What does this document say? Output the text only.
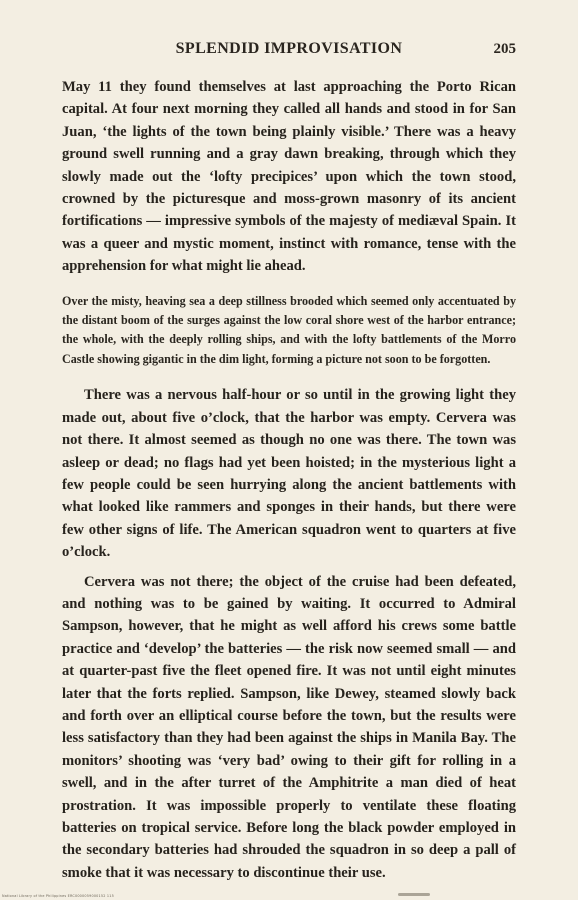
SPLENDID IMPROVISATION	205

May 11 they found themselves at last approaching the Porto Rican capital. At four next morning they called all hands and stood in for San Juan, ‘the lights of the town being plainly visible.’ There was a heavy ground swell running and a gray dawn breaking, through which they slowly made out the ‘lofty precipices’ upon which the town stood, crowned by the picturesque and moss-grown masonry of its ancient fortifications — impressive symbols of the majesty of mediæval Spain. It was a queer and mystic moment, instinct with romance, tense with the apprehension for what might lie ahead.

Over the misty, heaving sea a deep stillness brooded which seemed only accentuated by the distant boom of the surges against the low coral shore west of the harbor entrance; the whole, with the deeply rolling ships, and with the lofty battlements of the Morro Castle showing gigantic in the dim light, forming a picture not soon to be forgotten.

There was a nervous half-hour or so until in the growing light they made out, about five o’clock, that the harbor was empty. Cervera was not there. It almost seemed as though no one was there. The town was asleep or dead; no flags had yet been hoisted; in the mysterious light a few people could be seen hurrying along the ancient battlements with what looked like rammers and sponges in their hands, but there were few other signs of life. The American squadron went to quarters at five o’clock.

Cervera was not there; the object of the cruise had been defeated, and nothing was to be gained by waiting. It occurred to Admiral Sampson, however, that he might as well afford his crews some battle practice and ‘develop’ the batteries — the risk now seemed small — and at quarter-past five the fleet opened fire. It was not until eight minutes later that the forts replied. Sampson, like Dewey, steamed slowly back and forth over an elliptical course before the town, but the results were less satisfactory than they had been against the ships in Manila Bay. The monitors’ shooting was ‘very bad’ owing to their gift for rolling in a swell, and in the after turret of the Amphitrite a man died of heat prostration. It was impossible properly to ventilate these floating batteries on tropical service. Before long the black powder employed in the secondary batteries had shrouded the squadron in so deep a pall of smoke that it was necessary to discontinue their use.

National Library of the Philippines ERC0000059000152 115
